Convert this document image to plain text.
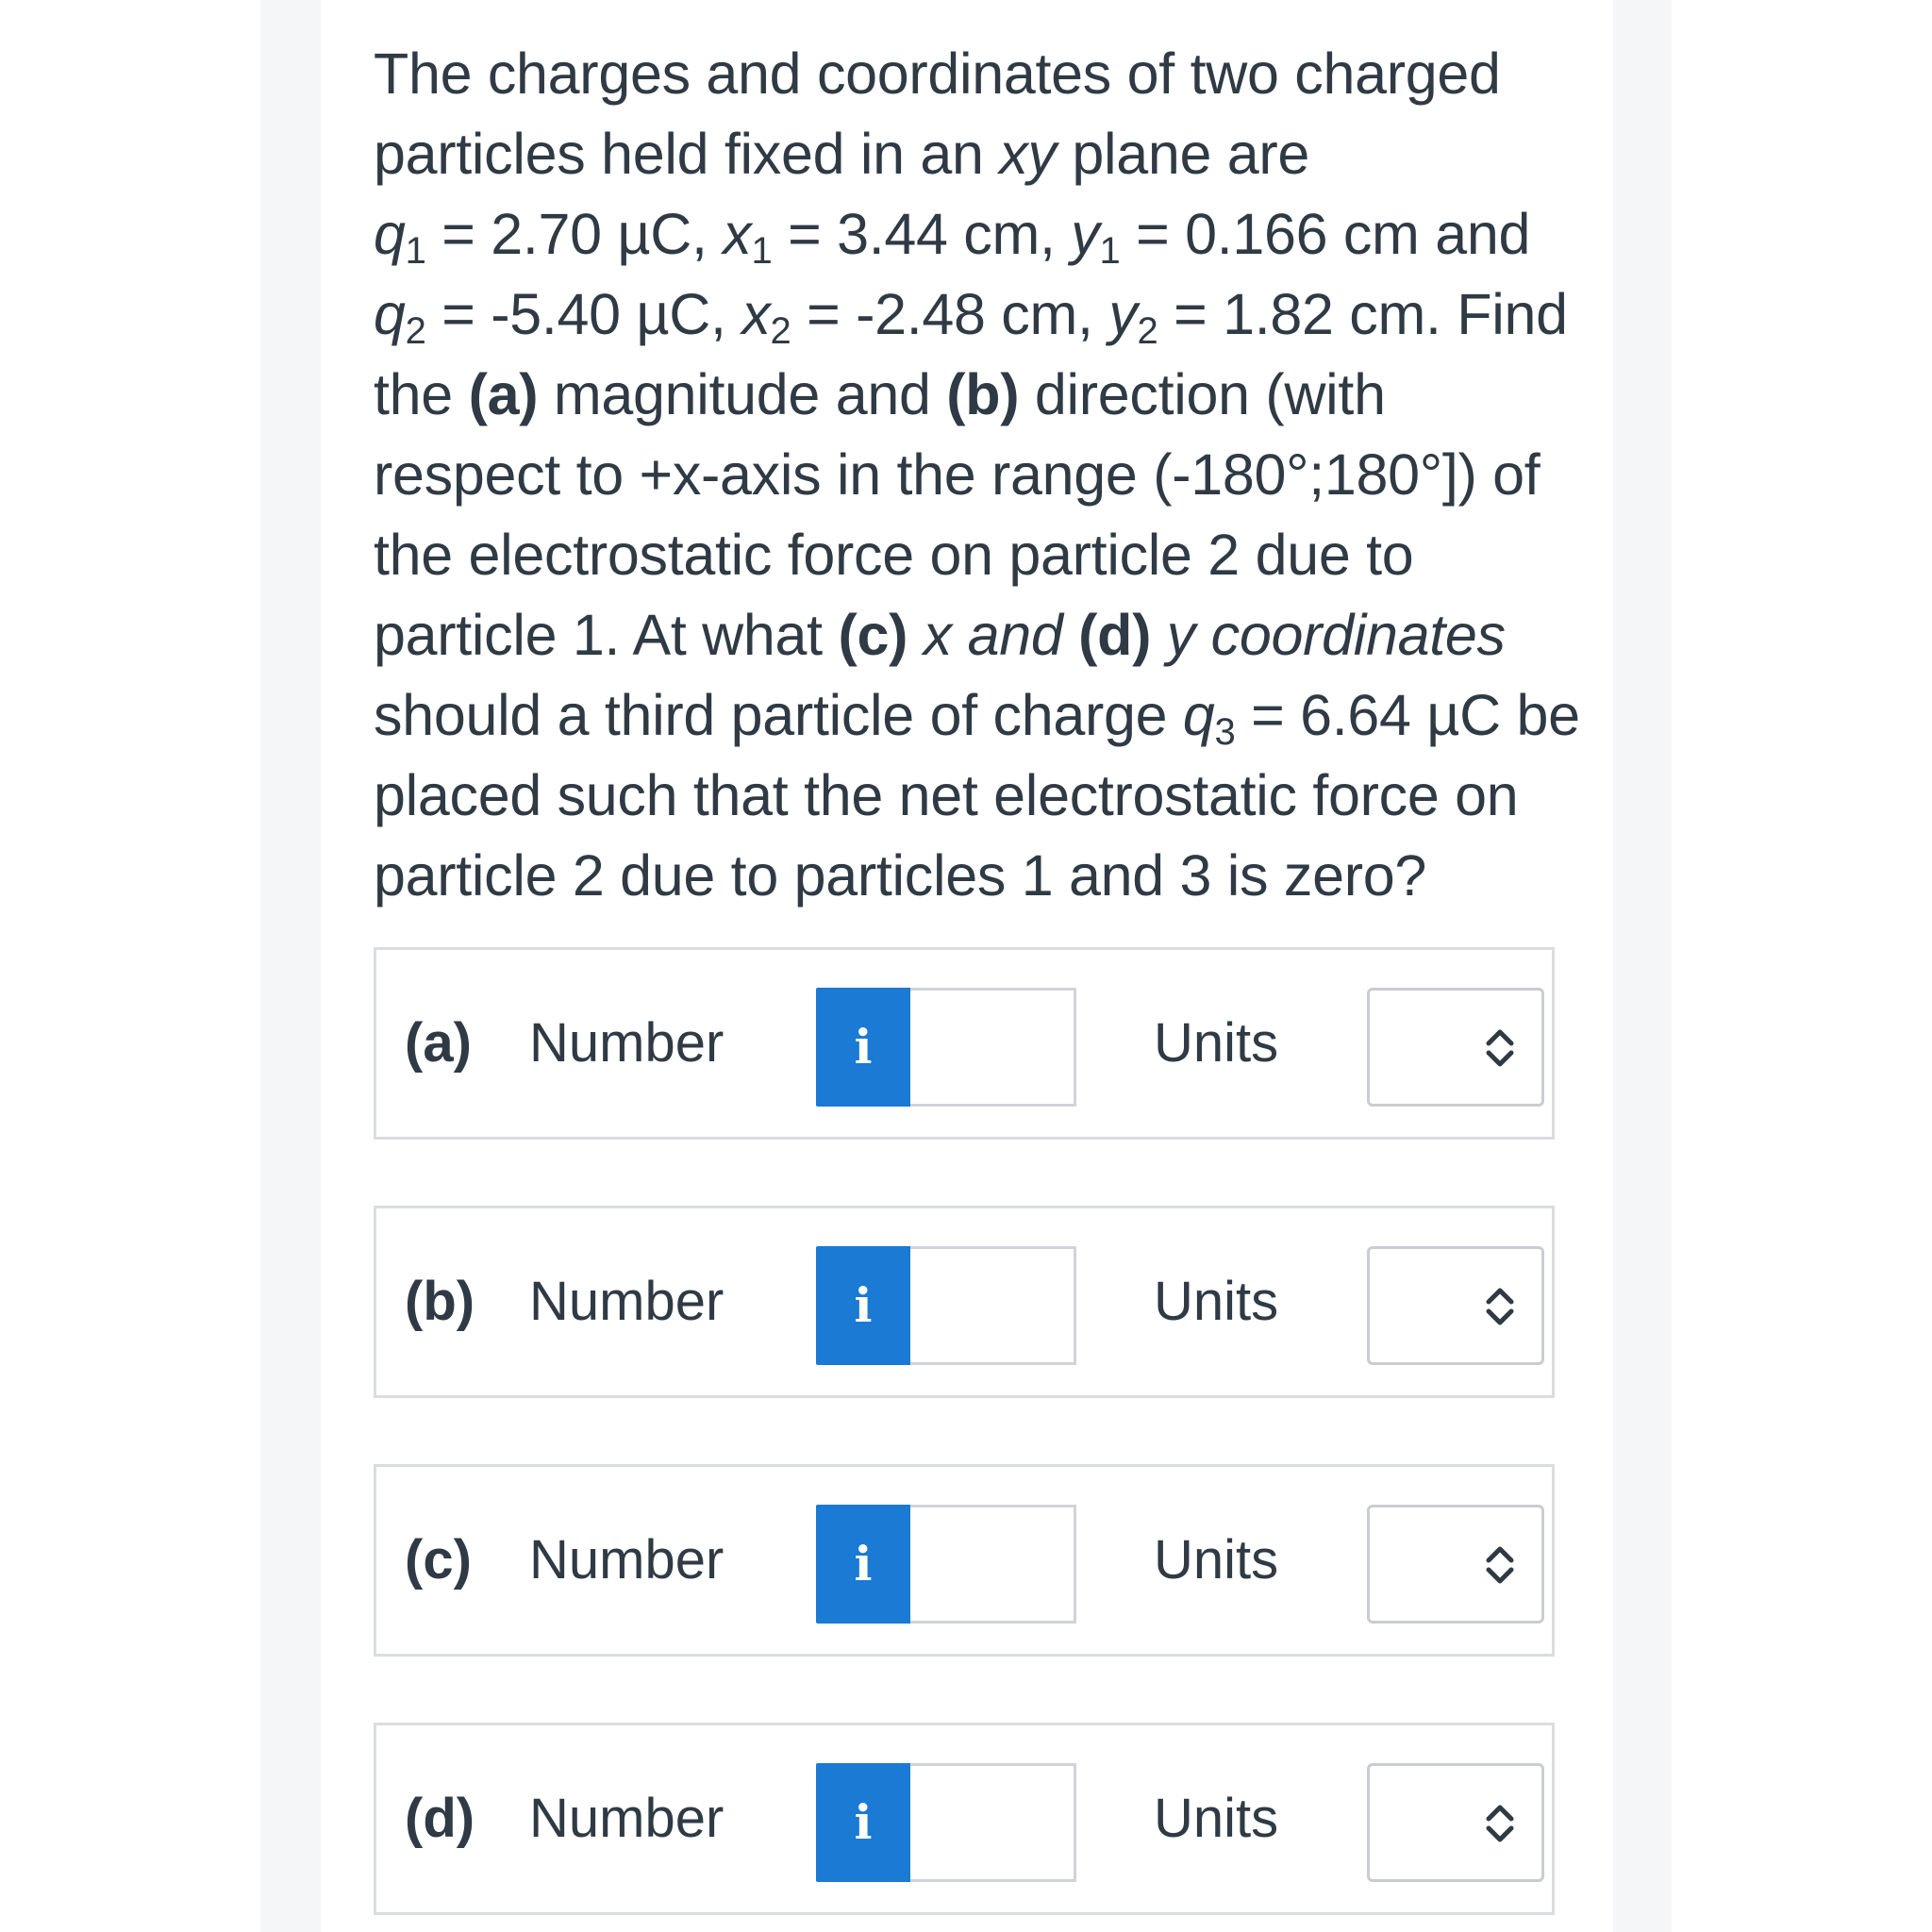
The charges and coordinates of two charged
particles held fixed in an xy plane are
$q_1 = 2.70$ µC, $x_1 = 3.44$ cm, $y_1 = 0.166$ cm and
$q_2 = -5.40$ µC, $x_2 = -2.48$ cm, $y_2 = 1.82$ cm. Find
the (a) magnitude and (b) direction (with
respect to +x-axis in the range (-180°;180°]) of
the electrostatic force on particle 2 due to
particle 1. At what (c) x and (d) y coordinates
should a third particle of charge $q_3 = 6.64$ µC be
placed such that the net electrostatic force on
particle 2 due to particles 1 and 3 is zero?
(a) Number	i	Units
(b) Number	i	Units
(c) Number	i	Units
(d) Number	i	Units
